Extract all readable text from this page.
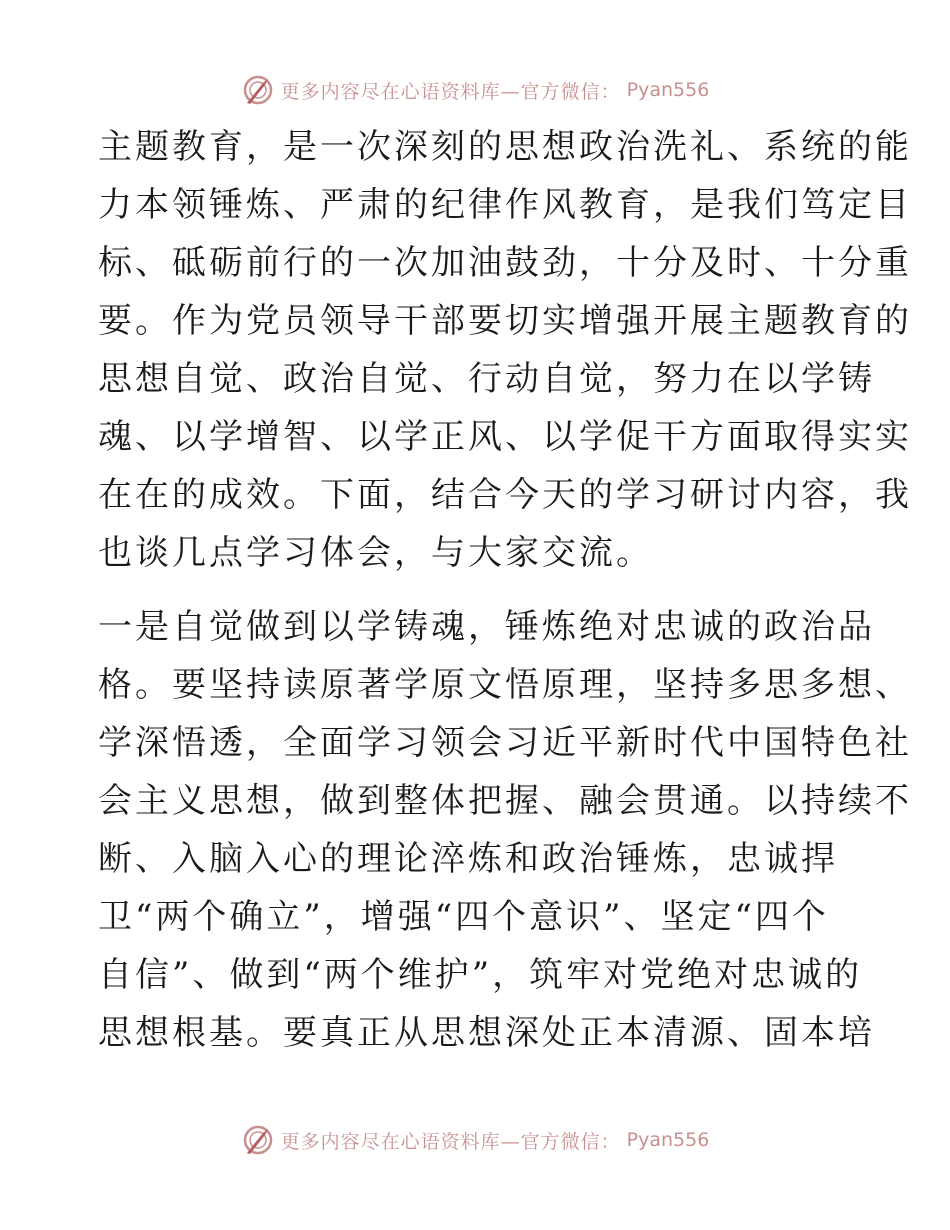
更多内容尽在心语资料库—官方微信： Pyan556
主题教育，是一次深刻的思想政治洗礼、系统的能
力本领锤炼、严肃的纪律作风教育，是我们笃定目
标、砥砺前行的一次加油鼓劲，十分及时、十分重
要。作为党员领导干部要切实增强开展主题教育的
思想自觉、政治自觉、行动自觉，努力在以学铸
魂、以学增智、以学正风、以学促干方面取得实实
在在的成效。下面，结合今天的学习研讨内容，我
也谈几点学习体会，与大家交流。
一是自觉做到以学铸魂，锤炼绝对忠诚的政治品
格。要坚持读原著学原文悟原理，坚持多思多想、
学深悟透，全面学习领会习近平新时代中国特色社
会主义思想，做到整体把握、融会贯通。以持续不
断、入脑入心的理论淬炼和政治锤炼，忠诚捍
卫“两个确立”，增强“四个意识”、坚定“四个
自信”、做到“两个维护”，筑牢对党绝对忠诚的
思想根基。要真正从思想深处正本清源、固本培
更多内容尽在心语资料库—官方微信： Pyan556
